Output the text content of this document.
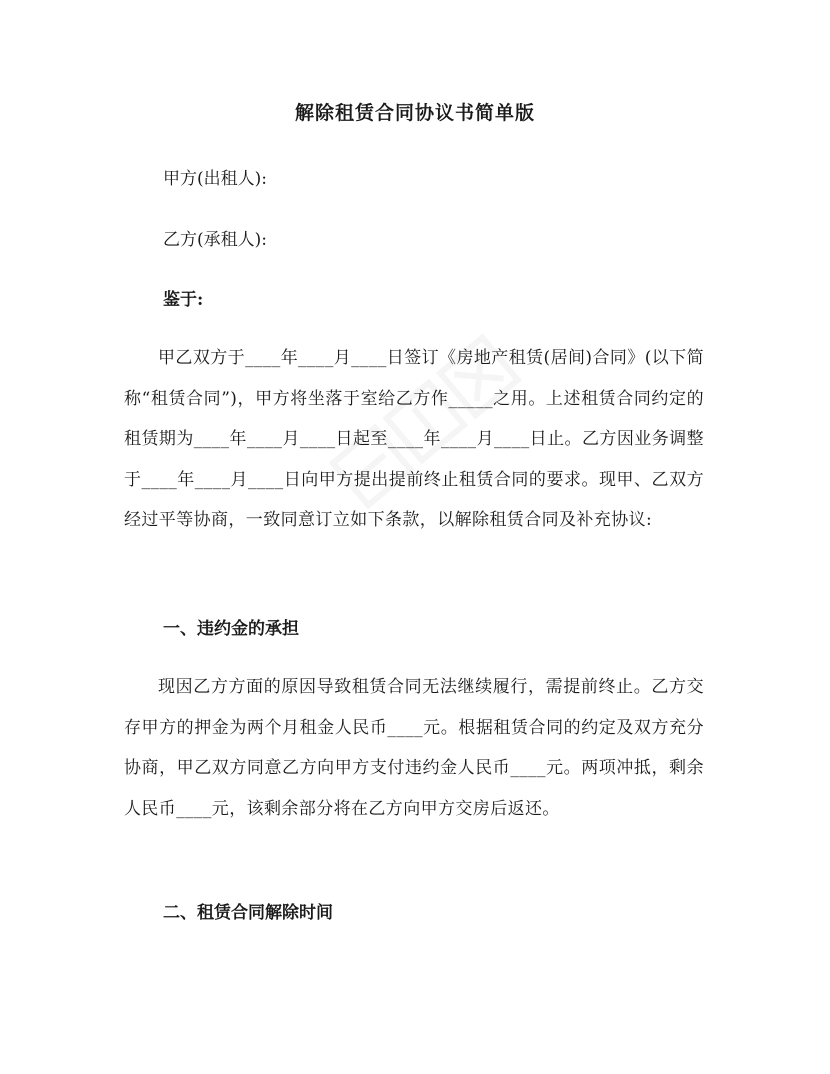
解除租赁合同协议书简单版

甲方(出租人):

乙方(承租人):

鉴于:

甲乙双方于____年____月____日签订《房地产租赁(居间)合同》(以下简称“租赁合同”)，甲方将坐落于室给乙方作_____之用。上述租赁合同约定的租赁期为____年____月____日起至____年____月____日止。乙方因业务调整于____年____月____日向甲方提出提前终止租赁合同的要求。现甲、乙双方经过平等协商，一致同意订立如下条款，以解除租赁合同及补充协议:

一、违约金的承担

现因乙方方面的原因导致租赁合同无法继续履行，需提前终止。乙方交存甲方的押金为两个月租金人民币____元。根据租赁合同的约定及双方充分协商，甲乙双方同意乙方向甲方支付违约金人民币____元。两项冲抵，剩余人民币____元，该剩余部分将在乙方向甲方交房后返还。

二、租赁合同解除时间
